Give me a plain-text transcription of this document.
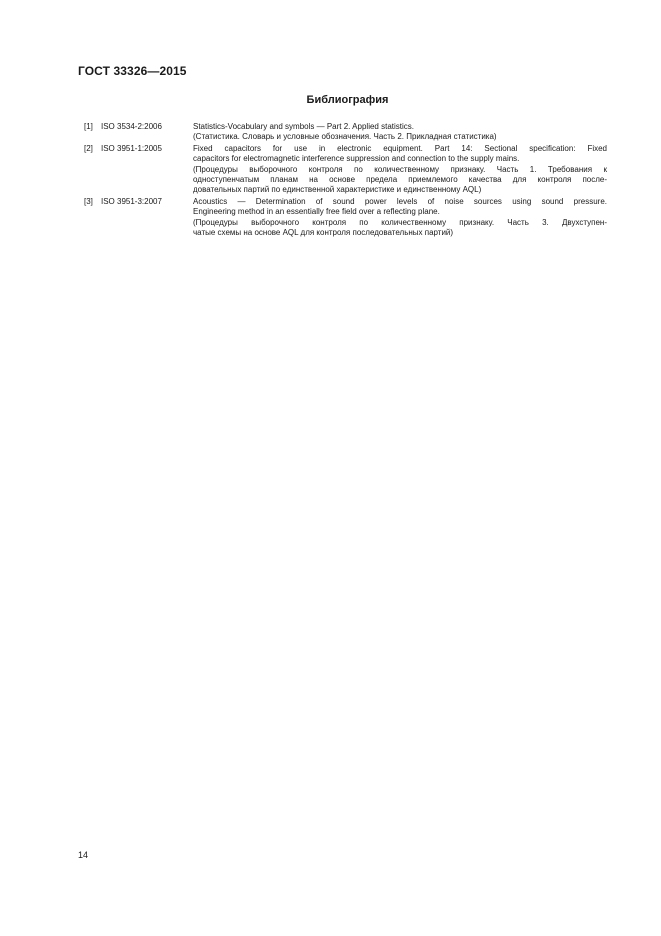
ГОСТ 33326—2015
Библиография
[1]	ISO 3534-2:2006	Statistics-Vocabulary and symbols — Part 2. Applied statistics.
(Статистика. Словарь и условные обозначения. Часть 2. Прикладная статистика)
[2]	ISO 3951-1:2005	Fixed capacitors for use in electronic equipment. Part 14: Sectional specification: Fixed
capacitors for electromagnetic interference suppression and connection to the supply mains.
(Процедуры выборочного контроля по количественному признаку. Часть 1. Требования к
одноступенчатым планам на основе предела приемлемого качества для контроля после-
довательных партий по единственной характеристике и единственному AQL)
[3]	ISO 3951-3:2007	Acoustics — Determination of sound power levels of noise sources using sound pressure.
Engineering method in an essentially free field over a reflecting plane.
(Процедуры выборочного контроля по количественному признаку. Часть 3. Двухступен-
чатые схемы на основе AQL для контроля последовательных партий)
14
